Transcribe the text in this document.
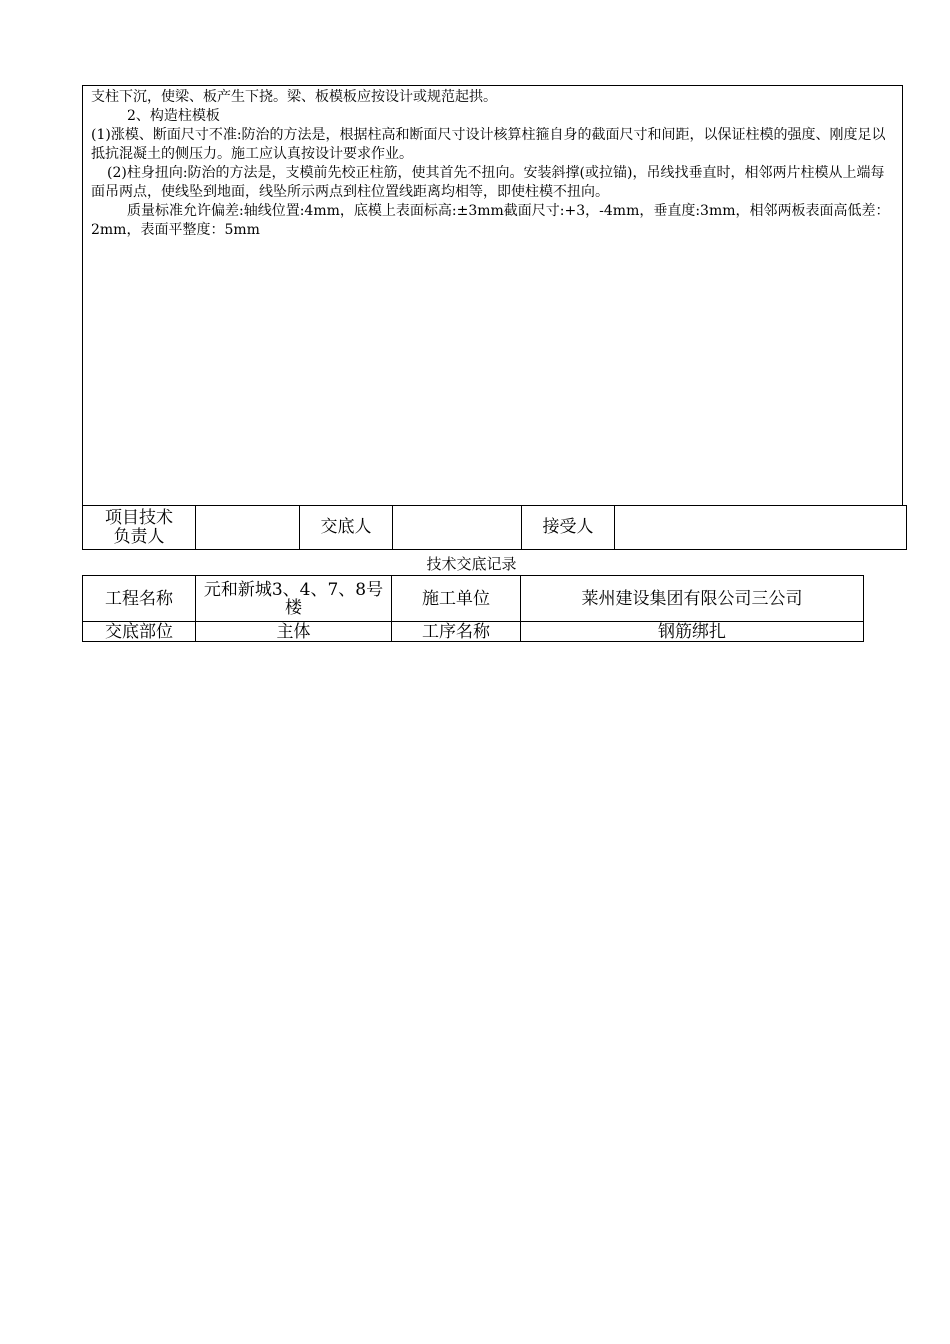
支柱下沉，使梁、板产生下挠。梁、板模板应按设计或规范起拱。

2、构造柱模板

(1)涨模、断面尺寸不准:防治的方法是，根据柱高和断面尺寸设计核算柱箍自身的截面尺寸和间距，以保证柱模的强度、刚度足以抵抗混凝土的侧压力。施工应认真按设计要求作业。

(2)柱身扭向:防治的方法是，支模前先校正柱筋，使其首先不扭向。安装斜撑(或拉锚)，吊线找垂直时，相邻两片柱模从上端每面吊两点，使线坠到地面，线坠所示两点到柱位置线距离均相等，即使柱模不扭向。

质量标准允许偏差:轴线位置:4mm，底模上表面标高:±3mm截面尺寸:+3，-4mm，垂直度:3mm，相邻两板表面高低差：2mm，表面平整度：5mm

项目技术负责人		交底人		接受人	
技术交底记录
工程名称	元和新城3、4、7、8号楼	施工单位	莱州建设集团有限公司三公司
交底部位	主体	工序名称	钢筋绑扎
